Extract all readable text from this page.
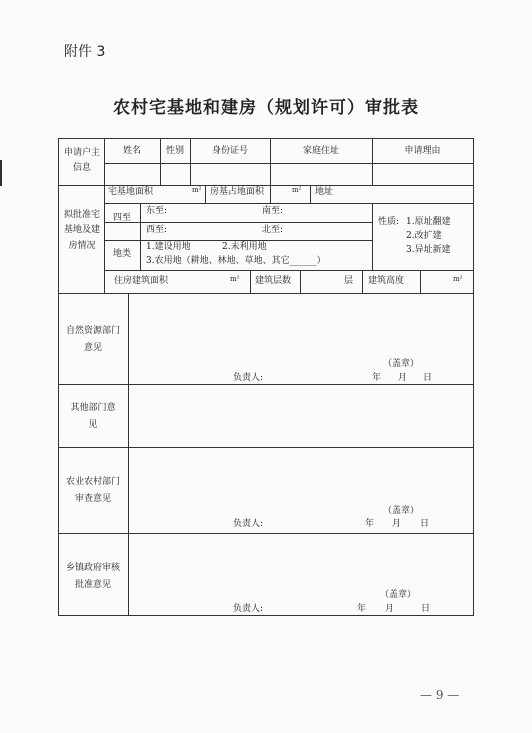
附件 3
农村宅基地和建房（规划许可）审批表
申请户主信息
姓名	性别	身份证号	家庭住址	申请理由
拟批准宅基地及建房情况
宅基地面积	m² 房基占地面积	m² 地址
四至
东至:	南至:
西至:	北至:
地类
1.建设用地	2.未利用地
3.农用地（耕地、林地、草地、其它______）
性质: 1.原址翻建
2.改扩建
3.异址新建
住房建筑面积	m² 建筑层数	层 建筑高度	m²
自然资源部门意见
（盖章）
负责人:	年 月 日
其他部门意见
农业农村部门审查意见
（盖章）
负责人:	年 月 日
乡镇政府审核批准意见
（盖章）
负责人:	年 月	日
— 9 —
